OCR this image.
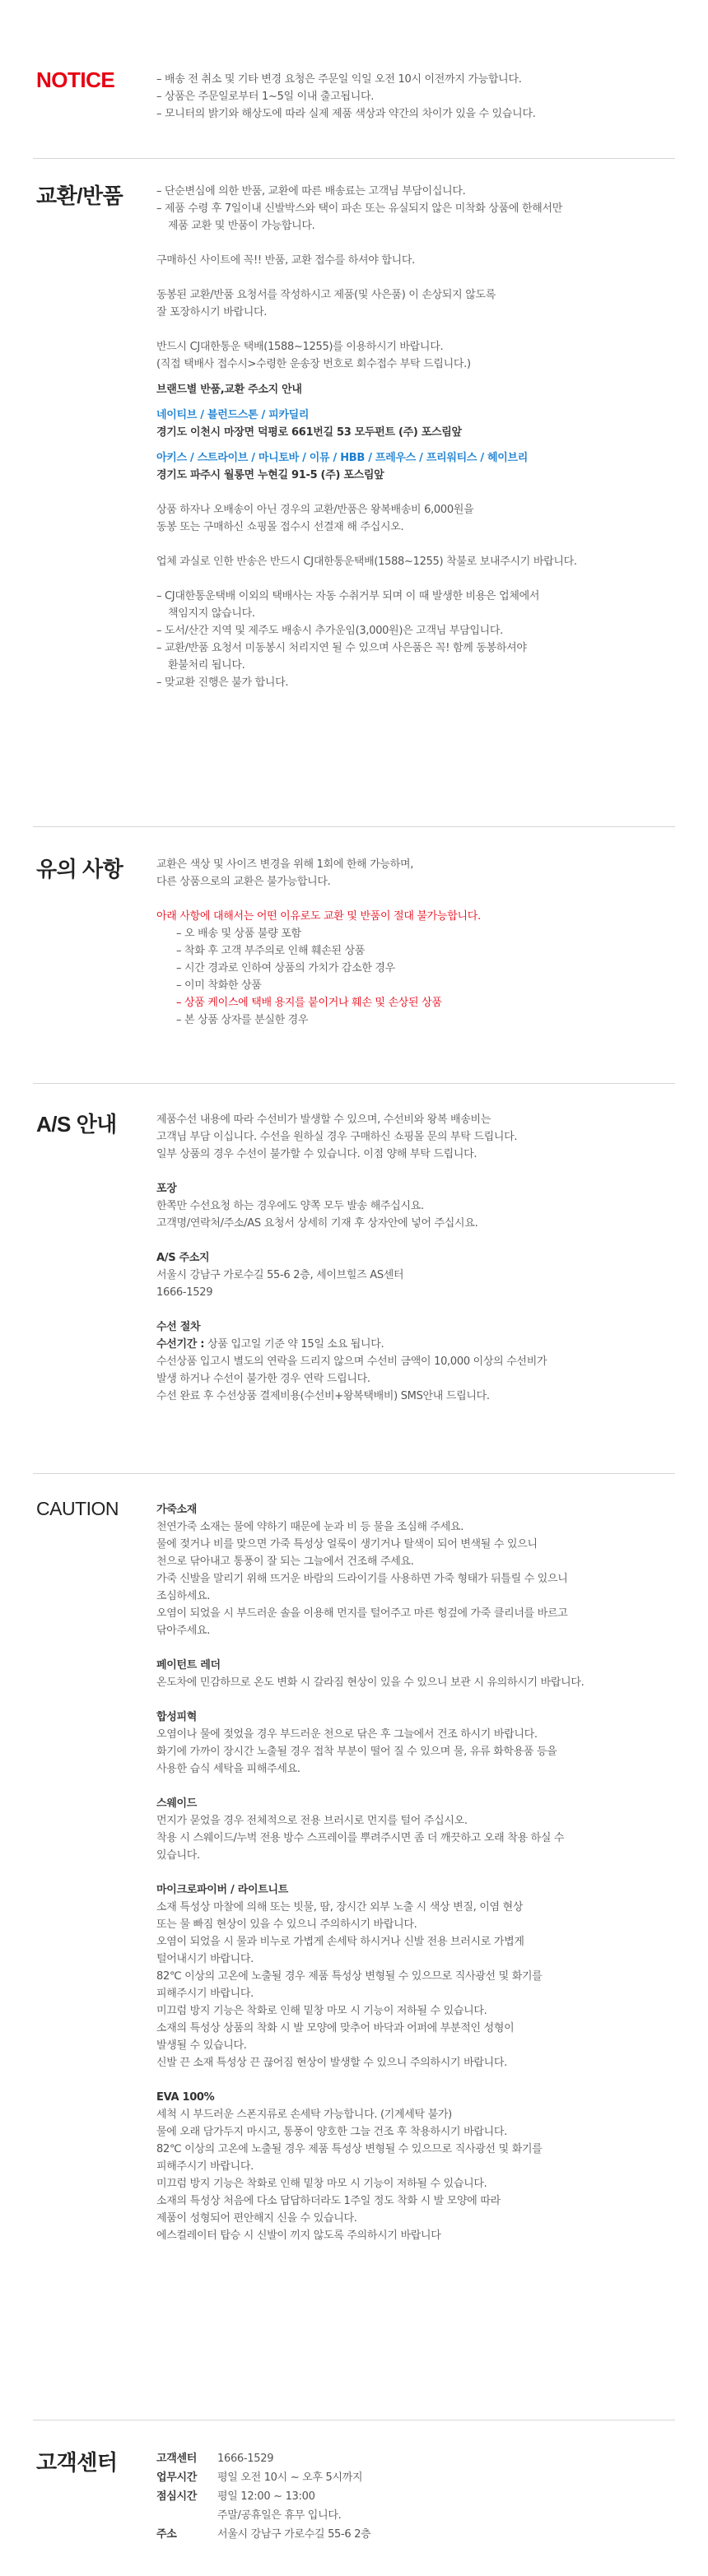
NOTICE	– 배송 전 취소 및 기타 변경 요청은 주문일 익일 오전 10시 이전까지 가능합니다.

– 상품은 주문일로부터 1~5일 이내 출고됩니다.

– 모니터의 밝기와 해상도에 따라 실제 제품 색상과 약간의 차이가 있을 수 있습니다.

교환/반품	– 단순변심에 의한 반품, 교환에 따른 배송료는 고객님 부담이십니다.

– 제품 수령 후 7일이내 신발박스와 택이 파손 또는 유실되지 않은 미착화 상품에 한해서만

제품 교환 및 반품이 가능합니다.

구매하신 사이트에 꼭!! 반품, 교환 접수를 하셔야 합니다.

동봉된 교환/반품 요청서를 작성하시고 제품(및 사은품) 이 손상되지 않도록

잘 포장하시기 바랍니다.

반드시 CJ대한통운 택배(1588~1255)를 이용하시기 바랍니다.

(직접 택배사 접수시>수령한 운송장 번호로 회수접수 부탁 드립니다.)

브랜드별 반품,교환 주소지 안내

네이티브 / 블런드스톤 / 피카딜리

경기도 이천시 마장면 덕평로 661번길 53 모두펀트 (주) 포스림앞

아키스 / 스트라이브 / 마니토바 / 이뮤 / HBB / 프레우스 / 프리워티스 / 헤이브리

경기도 파주시 월롱면 누현길 91-5 (주) 포스림앞

상품 하자나 오배송이 아닌 경우의 교환/반품은 왕복배송비 6,000원을

동봉 또는 구매하신 쇼핑몰 접수시 선결재 해 주십시오.

업체 과실로 인한 반송은 반드시 CJ대한통운택배(1588~1255) 착불로 보내주시기 바랍니다.

– CJ대한통운택배 이외의 택배사는 자동 수취거부 되며 이 때 발생한 비용은 업체에서

책임지지 않습니다.

– 도서/산간 지역 및 제주도 배송시 추가운임(3,000원)은 고객님 부담입니다.

– 교환/반품 요청서 미동봉시 처리지연 될 수 있으며 사은품은 꼭! 함께 동봉하셔야

환불처리 됩니다.

– 맞교환 진행은 불가 합니다.

유의 사항	교환은 색상 및 사이즈 변경을 위해 1회에 한해 가능하며,

다른 상품으로의 교환은 불가능합니다.

아래 사항에 대해서는 어떤 이유로도 교환 및 반품이 절대 불가능합니다.

– 오 배송 및 상품 불량 포함

– 착화 후 고객 부주의로 인해 훼손된 상품

– 시간 경과로 인하여 상품의 가치가 감소한 경우

– 이미 착화한 상품

– 상품 케이스에 택배 용지를 붙이거나 훼손 및 손상된 상품

– 본 상품 상자를 분실한 경우

A/S 안내	제품수선 내용에 따라 수선비가 발생할 수 있으며, 수선비와 왕복 배송비는

고객님 부담 이십니다. 수선을 원하실 경우 구매하신 쇼핑몰 문의 부탁 드립니다.

일부 상품의 경우 수선이 불가할 수 있습니다. 이점 양해 부탁 드립니다.

포장

한쪽만 수선요청 하는 경우에도 양쪽 모두 발송 해주십시요.

고객명/연락처/주소/AS 요청서 상세히 기재 후 상자안에 넣어 주십시요.

A/S 주소지

서울시 강남구 가로수길 55-6 2층, 세이브힐즈 AS센터

1666-1529

수선 절차

수선기간 : 상품 입고일 기준 약 15일 소요 됩니다.

수선상품 입고시 별도의 연락을 드리지 않으며 수선비 금액이 10,000 이상의 수선비가

발생 하거나 수선이 불가한 경우 연락 드립니다.

수선 완료 후 수선상품 결제비용(수선비+왕복택배비) SMS안내 드립니다.

CAUTION	가죽소재

천연가죽 소재는 물에 약하기 때문에 눈과 비 등 물을 조심해 주세요.

물에 젖거나 비를 맞으면 가죽 특성상 얼룩이 생기거나 탈색이 되어 변색될 수 있으니

천으로 닦아내고 통풍이 잘 되는 그늘에서 건조해 주세요.

가죽 신발을 말리기 위해 뜨거운 바람의 드라이기를 사용하면 가죽 형태가 뒤틀릴 수 있으니

조심하세요.

오염이 되었을 시 부드러운 솔을 이용해 먼지를 털어주고 마른 헝겊에 가죽 클리너를 바르고

닦아주세요.

페이턴트 레더

온도차에 민감하므로 온도 변화 시 갈라짐 현상이 있을 수 있으니 보관 시 유의하시기 바랍니다.

합성피혁

오염이나 물에 젖었을 경우 부드러운 천으로 닦은 후 그늘에서 건조 하시기 바랍니다.

화기에 가까이 장시간 노출될 경우 접착 부분이 떨어 질 수 있으며 물, 유류 화학용품 등을

사용한 습식 세탁을 피해주세요.

스웨이드

먼지가 묻었을 경우 전체적으로 전용 브러시로 먼지를 털어 주십시오.

착용 시 스웨이드/누벅 전용 방수 스프레이를 뿌려주시면 좀 더 깨끗하고 오래 착용 하실 수

있습니다.

마이크로파이버 / 라이트니트

소재 특성상 마찰에 의해 또는 빗물, 땀, 장시간 외부 노출 시 색상 변질, 이염 현상

또는 물 빠짐 현상이 있을 수 있으니 주의하시기 바랍니다.

오염이 되었을 시 물과 비누로 가볍게 손세탁 하시거나 신발 전용 브러시로 가볍게

털어내시기 바랍니다.

82℃ 이상의 고온에 노출될 경우 제품 특성상 변형될 수 있으므로 직사광선 및 화기를

피해주시기 바랍니다.

미끄럼 방지 기능은 착화로 인해 밑창 마모 시 기능이 저하될 수 있습니다.

소재의 특성상 상품의 착화 시 발 모양에 맞추어 바닥과 어퍼에 부분적인 성형이

발생될 수 있습니다.

신발 끈 소재 특성상 끈 끊어짐 현상이 발생할 수 있으니 주의하시기 바랍니다.

EVA 100%

세척 시 부드러운 스폰지류로 손세탁 가능합니다. (기계세탁 불가)

물에 오래 담가두지 마시고, 통풍이 양호한 그늘 건조 후 착용하시기 바랍니다.

82℃ 이상의 고온에 노출될 경우 제품 특성상 변형될 수 있으므로 직사광선 및 화기를

피해주시기 바랍니다.

미끄럼 방지 기능은 착화로 인해 밑창 마모 시 기능이 저하될 수 있습니다.

소재의 특성상 처음에 다소 답답하더라도 1주일 정도 착화 시 발 모양에 따라

제품이 성형되어 편안해지 신을 수 있습니다.

에스컬레이터 탑승 시 신발이 끼지 않도록 주의하시기 바랍니다

고객센터	고객센터	1666-1529
업무시간	평일 오전 10시 ~ 오후 5시까지
점심시간	평일 12:00 ~ 13:00
주말/공휴일은 휴무 입니다.
주소	서울시 강남구 가로수길 55-6 2층
